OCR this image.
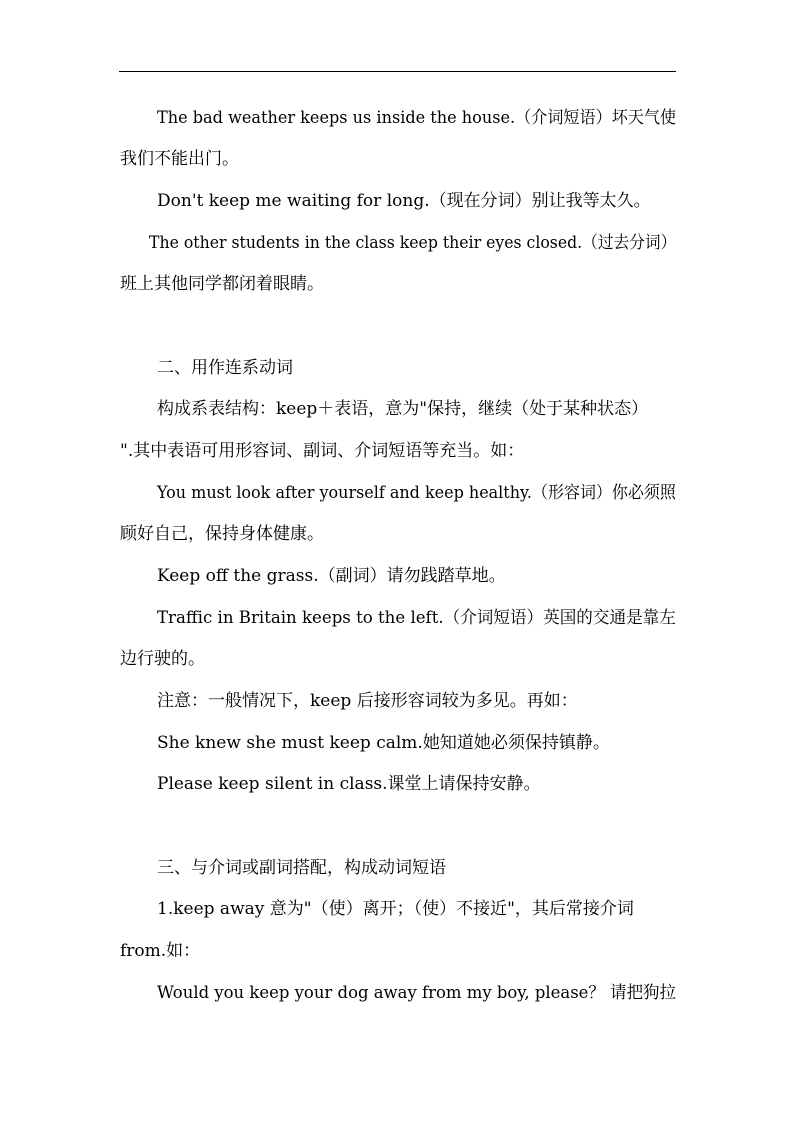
The bad weather keeps us inside the house.（介词短语）坏天气使
我们不能出门。
Don't keep me waiting for long.（现在分词）别让我等太久。
The other students in the class keep their eyes closed.（过去分词）
班上其他同学都闭着眼睛。
二、用作连系动词
构成系表结构：keep＋表语，意为"保持，继续（处于某种状态）
".其中表语可用形容词、副词、介词短语等充当。如：
You must look after yourself and keep healthy.（形容词）你必须照
顾好自己，保持身体健康。
Keep off the grass.（副词）请勿践踏草地。
Traffic in Britain keeps to the left.（介词短语）英国的交通是靠左
边行驶的。
注意：一般情况下，keep 后接形容词较为多见。再如：
She knew she must keep calm.她知道她必须保持镇静。
Please keep silent in class.课堂上请保持安静。
三、与介词或副词搭配，构成动词短语
1.keep away 意为"（使）离开；（使）不接近"，其后常接介词
from.如：
Would you keep your dog away from my boy, please？ 请把狗拉
